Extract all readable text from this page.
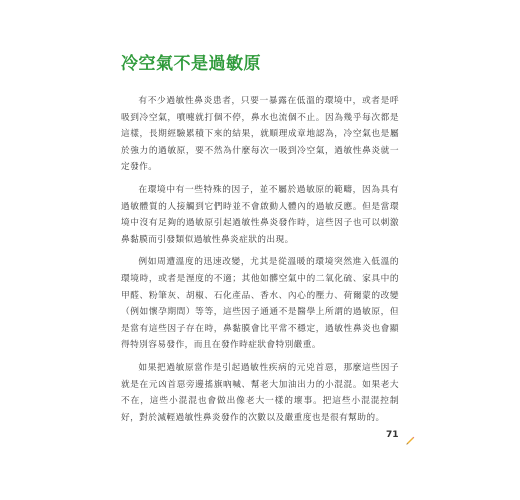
冷空氣不是過敏原

有不少過敏性鼻炎患者，只要一暴露在低溫的環境中，或者是呼吸到冷空氣，噴嚏就打個不停，鼻水也流個不止。因為幾乎每次都是這樣，長期經驗累積下來的結果，就順理成章地認為，冷空氣也是屬於強力的過敏原，要不然為什麼每次一吸到冷空氣，過敏性鼻炎就一定發作。

在環境中有一些特殊的因子，並不屬於過敏原的範疇，因為具有過敏體質的人接觸到它們時並不會啟動人體內的過敏反應。但是當環境中沒有足夠的過敏原引起過敏性鼻炎發作時，這些因子也可以刺激鼻黏膜而引發類似過敏性鼻炎症狀的出現。

例如周遭溫度的迅速改變，尤其是從溫暖的環境突然進入低溫的環境時，或者是溼度的不適；其他如髒空氣中的二氧化硫、家具中的甲醛、粉筆灰、胡椒、石化產品、香水、內心的壓力、荷爾蒙的改變（例如懷孕期間）等等，這些因子通通不是醫學上所謂的過敏原，但是當有這些因子存在時，鼻黏膜會比平常不穩定，過敏性鼻炎也會顯得特別容易發作，而且在發作時症狀會特別嚴重。

如果把過敏原當作是引起過敏性疾病的元兇首惡，那麼這些因子就是在元凶首惡旁邊搖旗吶喊、幫老大加油出力的小混混。如果老大不在，這些小混混也會做出像老大一樣的壞事。把這些小混混控制好，對於減輕過敏性鼻炎發作的次數以及嚴重度也是很有幫助的。

71
